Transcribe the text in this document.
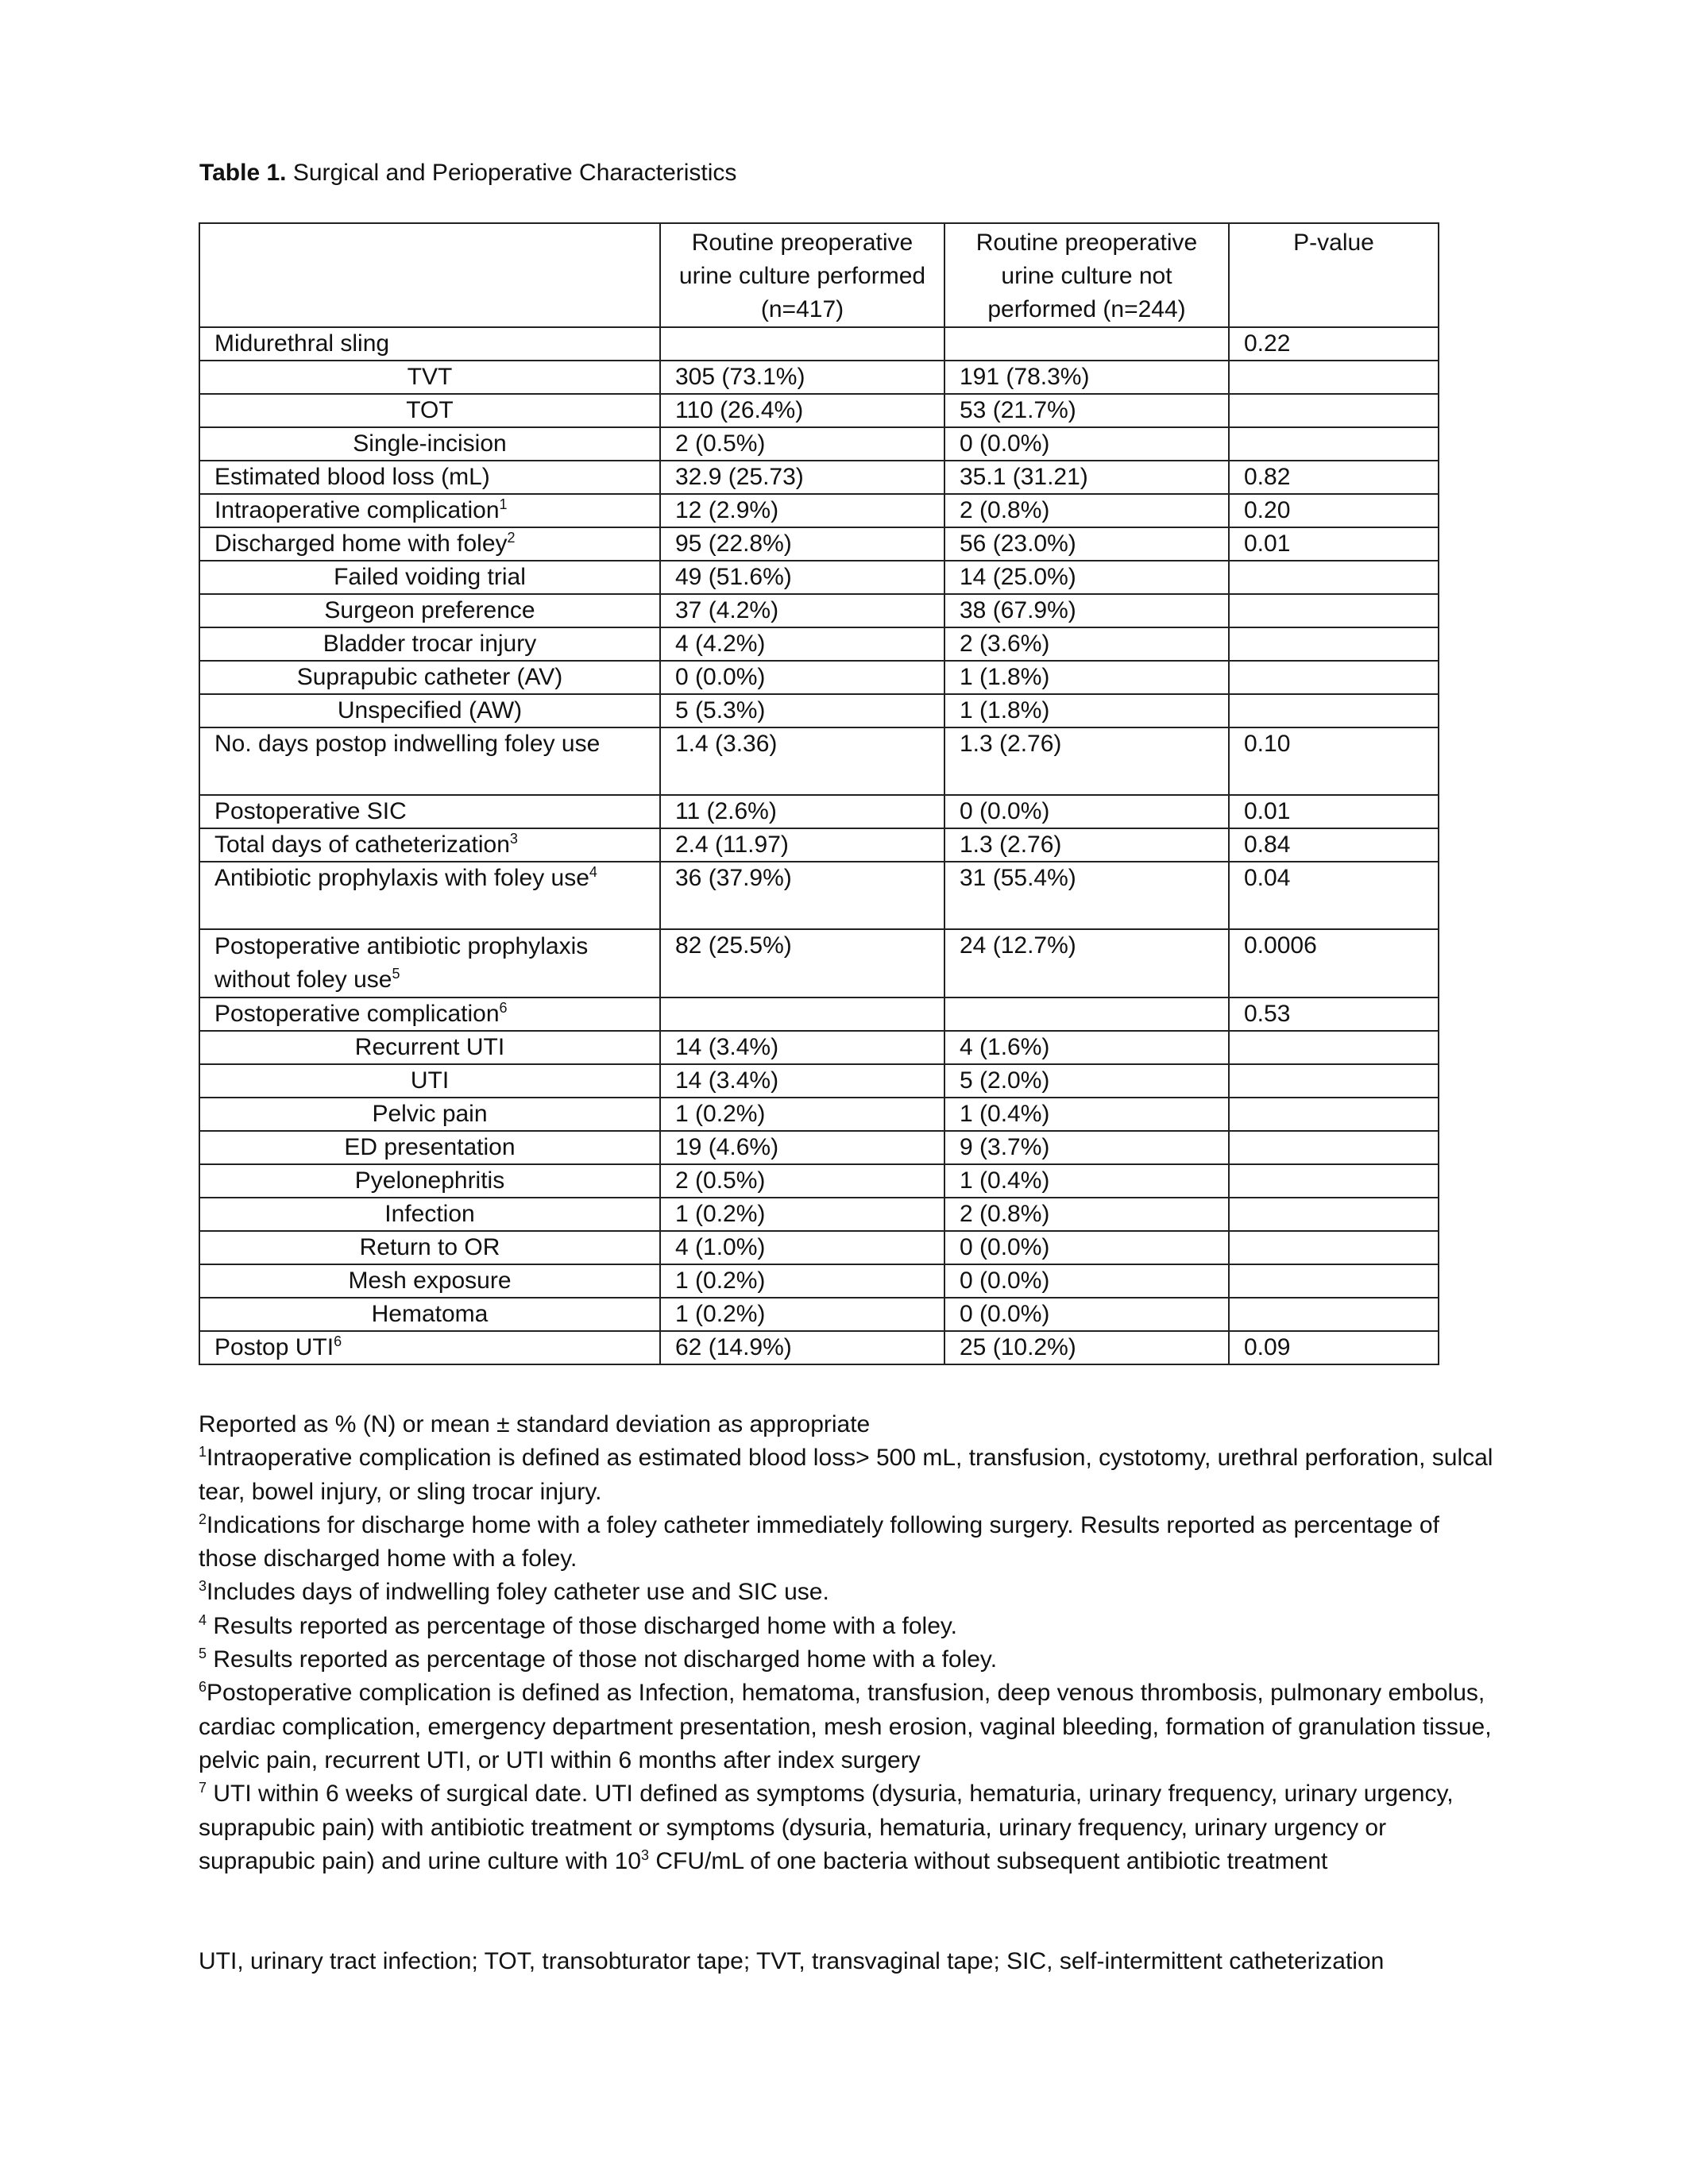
Table 1. Surgical and Perioperative Characteristics
	Routine preoperative urine culture performed (n=417)	Routine preoperative urine culture not performed (n=244)	P-value
Midurethral sling			0.22
TVT	305 (73.1%)	191 (78.3%)	
TOT	110 (26.4%)	53 (21.7%)	
Single-incision	2 (0.5%)	0 (0.0%)	
Estimated blood loss (mL)	32.9 (25.73)	35.1 (31.21)	0.82
Intraoperative complication$^1$	12 (2.9%)	2 (0.8%)	0.20
Discharged home with foley$^2$	95 (22.8%)	56 (23.0%)	0.01
Failed voiding trial	49 (51.6%)	14 (25.0%)	
Surgeon preference	37 (4.2%)	38 (67.9%)	
Bladder trocar injury	4 (4.2%)	2 (3.6%)	
Suprapubic catheter (AV)	0 (0.0%)	1 (1.8%)	
Unspecified (AW)	5 (5.3%)	1 (1.8%)	
No. days postop indwelling foley use	1.4 (3.36)	1.3 (2.76)	0.10
Postoperative SIC	11 (2.6%)	0 (0.0%)	0.01
Total days of catheterization$^3$	2.4 (11.97)	1.3 (2.76)	0.84
Antibiotic prophylaxis with foley use$^4$	36 (37.9%)	31 (55.4%)	0.04
Postoperative antibiotic prophylaxis without foley use$^5$	82 (25.5%)	24 (12.7%)	0.0006
Postoperative complication$^6$			0.53
Recurrent UTI	14 (3.4%)	4 (1.6%)	
UTI	14 (3.4%)	5 (2.0%)	
Pelvic pain	1 (0.2%)	1 (0.4%)	
ED presentation	19 (4.6%)	9 (3.7%)	
Pyelonephritis	2 (0.5%)	1 (0.4%)	
Infection	1 (0.2%)	2 (0.8%)	
Return to OR	4 (1.0%)	0 (0.0%)	
Mesh exposure	1 (0.2%)	0 (0.0%)	
Hematoma	1 (0.2%)	0 (0.0%)	
Postop UTI$^6$	62 (14.9%)	25 (10.2%)	0.09

Reported as % (N) or mean ± standard deviation as appropriate

$^1$Intraoperative complication is defined as estimated blood loss> 500 mL, transfusion, cystotomy, urethral perforation, sulcal tear, bowel injury, or sling trocar injury.

$^2$Indications for discharge home with a foley catheter immediately following surgery. Results reported as percentage of those discharged home with a foley.

$^3$Includes days of indwelling foley catheter use and SIC use.

$^4$ Results reported as percentage of those discharged home with a foley.

$^5$ Results reported as percentage of those not discharged home with a foley.

$^6$Postoperative complication is defined as Infection, hematoma, transfusion, deep venous thrombosis, pulmonary embolus, cardiac complication, emergency department presentation, mesh erosion, vaginal bleeding, formation of granulation tissue, pelvic pain, recurrent UTI, or UTI within 6 months after index surgery

$^7$ UTI within 6 weeks of surgical date. UTI defined as symptoms (dysuria, hematuria, urinary frequency, urinary urgency, suprapubic pain) with antibiotic treatment or symptoms (dysuria, hematuria, urinary frequency, urinary urgency or suprapubic pain) and urine culture with $10^3$ CFU/mL of one bacteria without subsequent antibiotic treatment

UTI, urinary tract infection; TOT, transobturator tape; TVT, transvaginal tape; SIC, self-intermittent catheterization
